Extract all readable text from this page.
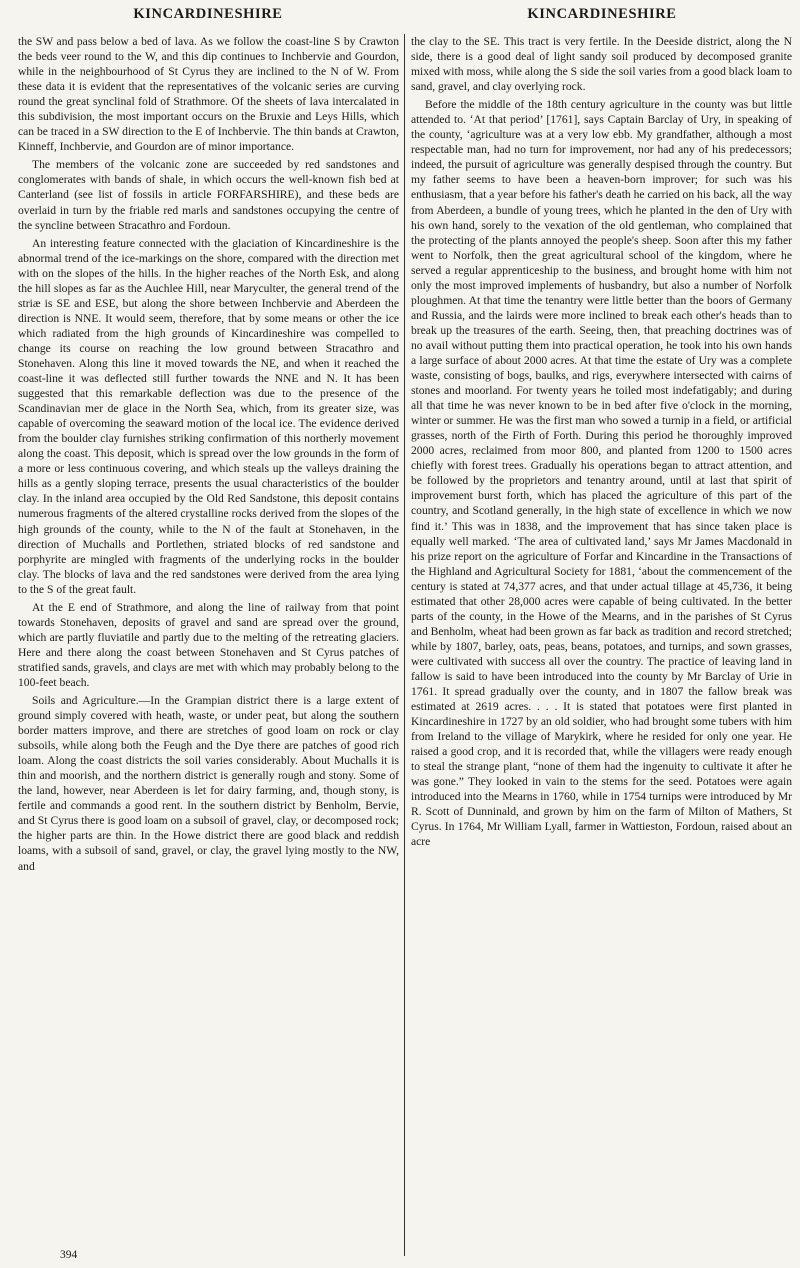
KINCARDINESHIRE	KINCARDINESHIRE

the SW and pass below a bed of lava. As we follow the coast-line S by Crawton the beds veer round to the W, and this dip continues to Inchbervie and Gourdon, while in the neighbourhood of St Cyrus they are inclined to the N of W. From these data it is evident that the representatives of the volcanic series are curving round the great synclinal fold of Strathmore. Of the sheets of lava intercalated in this subdivision, the most important occurs on the Bruxie and Leys Hills, which can be traced in a SW direction to the E of Inchbervie. The thin bands at Crawton, Kinneff, Inchbervie, and Gourdon are of minor importance.

The members of the volcanic zone are succeeded by red sandstones and conglomerates with bands of shale, in which occurs the well-known fish bed at Canterland (see list of fossils in article FORFARSHIRE), and these beds are overlaid in turn by the friable red marls and sandstones occupying the centre of the syncline between Stracathro and Fordoun.

An interesting feature connected with the glaciation of Kincardineshire is the abnormal trend of the ice-markings on the shore, compared with the direction met with on the slopes of the hills. In the higher reaches of the North Esk, and along the hill slopes as far as the Auchlee Hill, near Maryculter, the general trend of the striæ is SE and ESE, but along the shore between Inchbervie and Aberdeen the direction is NNE. It would seem, therefore, that by some means or other the ice which radiated from the high grounds of Kincardineshire was compelled to change its course on reaching the low ground between Stracathro and Stonehaven. Along this line it moved towards the NE, and when it reached the coast-line it was deflected still further towards the NNE and N. It has been suggested that this remarkable deflection was due to the presence of the Scandinavian mer de glace in the North Sea, which, from its greater size, was capable of overcoming the seaward motion of the local ice. The evidence derived from the boulder clay furnishes striking confirmation of this northerly movement along the coast. This deposit, which is spread over the low grounds in the form of a more or less continuous covering, and which steals up the valleys draining the hills as a gently sloping terrace, presents the usual characteristics of the boulder clay. In the inland area occupied by the Old Red Sandstone, this deposit contains numerous fragments of the altered crystalline rocks derived from the slopes of the high grounds of the county, while to the N of the fault at Stonehaven, in the direction of Muchalls and Portlethen, striated blocks of red sandstone and porphyrite are mingled with fragments of the underlying rocks in the boulder clay. The blocks of lava and the red sandstones were derived from the area lying to the S of the great fault.

At the E end of Strathmore, and along the line of railway from that point towards Stonehaven, deposits of gravel and sand are spread over the ground, which are partly fluviatile and partly due to the melting of the retreating glaciers. Here and there along the coast between Stonehaven and St Cyrus patches of stratified sands, gravels, and clays are met with which may probably belong to the 100-feet beach.

Soils and Agriculture.—In the Grampian district there is a large extent of ground simply covered with heath, waste, or under peat, but along the southern border matters improve, and there are stretches of good loam on rock or clay subsoils, while along both the Feugh and the Dye there are patches of good rich loam. Along the coast districts the soil varies considerably. About Muchalls it is thin and moorish, and the northern district is generally rough and stony. Some of the land, however, near Aberdeen is let for dairy farming, and, though stony, is fertile and commands a good rent. In the southern district by Benholm, Bervie, and St Cyrus there is good loam on a subsoil of gravel, clay, or decomposed rock; the higher parts are thin. In the Howe district there are good black and reddish loams, with a subsoil of sand, gravel, or clay, the gravel lying mostly to the NW, and

the clay to the SE. This tract is very fertile. In the Deeside district, along the N side, there is a good deal of light sandy soil produced by decomposed granite mixed with moss, while along the S side the soil varies from a good black loam to sand, gravel, and clay overlying rock.

Before the middle of the 18th century agriculture in the county was but little attended to. ‘At that period’ [1761], says Captain Barclay of Ury, in speaking of the county, ‘agriculture was at a very low ebb. My grandfather, although a most respectable man, had no turn for improvement, nor had any of his predecessors; indeed, the pursuit of agriculture was generally despised through the country. But my father seems to have been a heaven-born improver; for such was his enthusiasm, that a year before his father's death he carried on his back, all the way from Aberdeen, a bundle of young trees, which he planted in the den of Ury with his own hand, sorely to the vexation of the old gentleman, who complained that the protecting of the plants annoyed the people's sheep. Soon after this my father went to Norfolk, then the great agricultural school of the kingdom, where he served a regular apprenticeship to the business, and brought home with him not only the most improved implements of husbandry, but also a number of Norfolk ploughmen. At that time the tenantry were little better than the boors of Germany and Russia, and the lairds were more inclined to break each other's heads than to break up the treasures of the earth. Seeing, then, that preaching doctrines was of no avail without putting them into practical operation, he took into his own hands a large surface of about 2000 acres. At that time the estate of Ury was a complete waste, consisting of bogs, baulks, and rigs, everywhere intersected with cairns of stones and moorland. For twenty years he toiled most indefatigably; and during all that time he was never known to be in bed after five o'clock in the morning, winter or summer. He was the first man who sowed a turnip in a field, or artificial grasses, north of the Firth of Forth. During this period he thoroughly improved 2000 acres, reclaimed from moor 800, and planted from 1200 to 1500 acres chiefly with forest trees. Gradually his operations began to attract attention, and be followed by the proprietors and tenantry around, until at last that spirit of improvement burst forth, which has placed the agriculture of this part of the country, and Scotland generally, in the high state of excellence in which we now find it.’ This was in 1838, and the improvement that has since taken place is equally well marked. ‘The area of cultivated land,’ says Mr James Macdonald in his prize report on the agriculture of Forfar and Kincardine in the Transactions of the Highland and Agricultural Society for 1881, ‘about the commencement of the century is stated at 74,377 acres, and that under actual tillage at 45,736, it being estimated that other 28,000 acres were capable of being cultivated. In the better parts of the county, in the Howe of the Mearns, and in the parishes of St Cyrus and Benholm, wheat had been grown as far back as tradition and record stretched; while by 1807, barley, oats, peas, beans, potatoes, and turnips, and sown grasses, were cultivated with success all over the country. The practice of leaving land in fallow is said to have been introduced into the county by Mr Barclay of Urie in 1761. It spread gradually over the county, and in 1807 the fallow break was estimated at 2619 acres. . . . It is stated that potatoes were first planted in Kincardineshire in 1727 by an old soldier, who had brought some tubers with him from Ireland to the village of Marykirk, where he resided for only one year. He raised a good crop, and it is recorded that, while the villagers were ready enough to steal the strange plant, “none of them had the ingenuity to cultivate it after he was gone.” They looked in vain to the stems for the seed. Potatoes were again introduced into the Mearns in 1760, while in 1754 turnips were introduced by Mr R. Scott of Dunninald, and grown by him on the farm of Milton of Mathers, St Cyrus. In 1764, Mr William Lyall, farmer in Wattieston, Fordoun, raised about an acre

394
